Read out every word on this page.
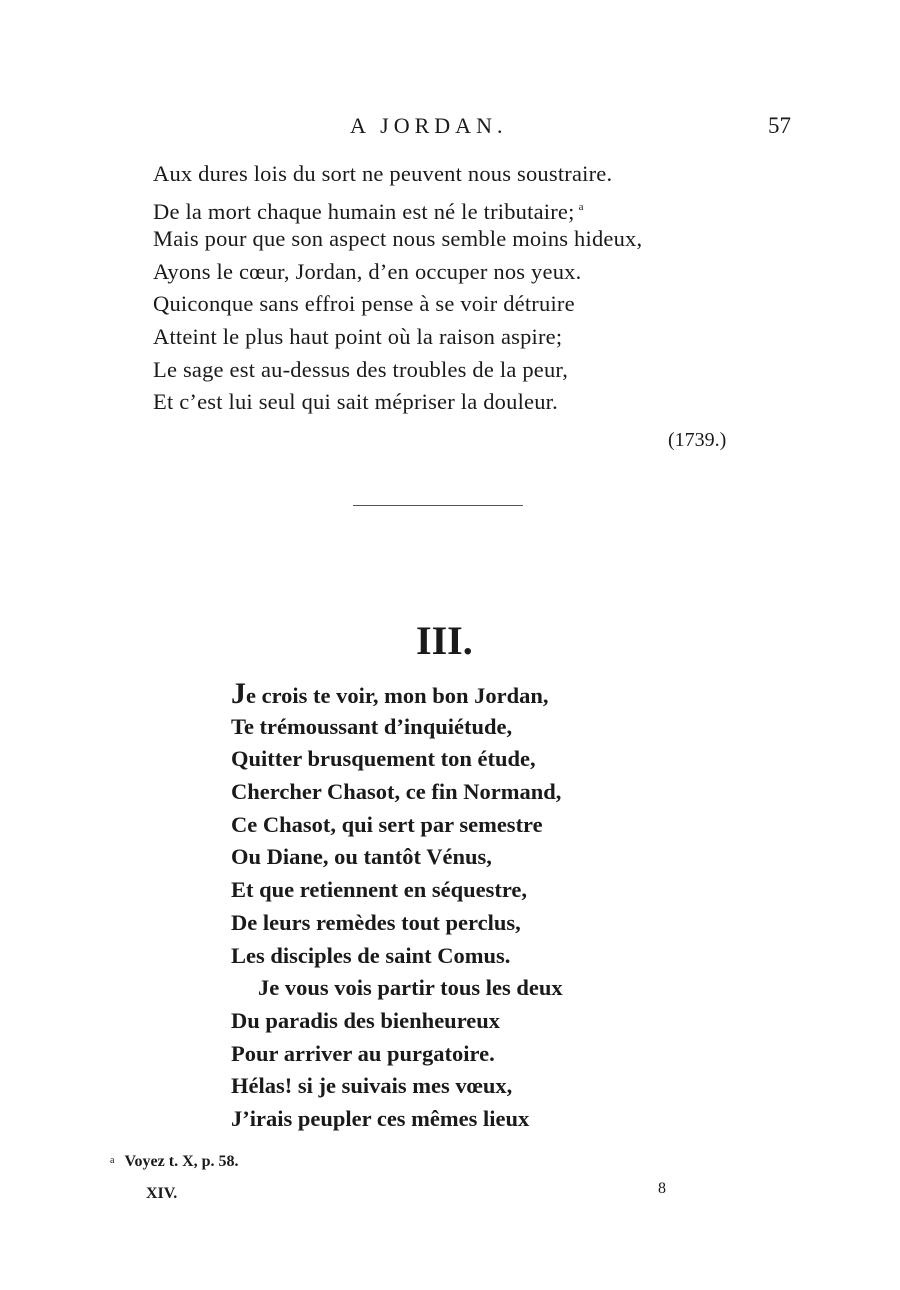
A JORDAN.	57
Aux dures lois du sort ne peuvent nous soustraire.
De la mort chaque humain est né le tributaire; $^a$
Mais pour que son aspect nous semble moins hideux,
Ayons le cœur, Jordan, d’en occuper nos yeux.
Quiconque sans effroi pense à se voir détruire
Atteint le plus haut point où la raison aspire;
Le sage est au-dessus des troubles de la peur,
Et c’est lui seul qui sait mépriser la douleur.
(1739.)
III.
Je crois te voir, mon bon Jordan,
Te trémoussant d’inquiétude,
Quitter brusquement ton étude,
Chercher Chasot, ce fin Normand,
Ce Chasot, qui sert par semestre
Ou Diane, ou tantôt Vénus,
Et que retiennent en séquestre,
De leurs remèdes tout perclus,
Les disciples de saint Comus.
Je vous vois partir tous les deux
Du paradis des bienheureux
Pour arriver au purgatoire.
Hélas! si je suivais mes vœux,
J’irais peupler ces mêmes lieux
a Voyez t. X, p. 58.
XIV.	8
